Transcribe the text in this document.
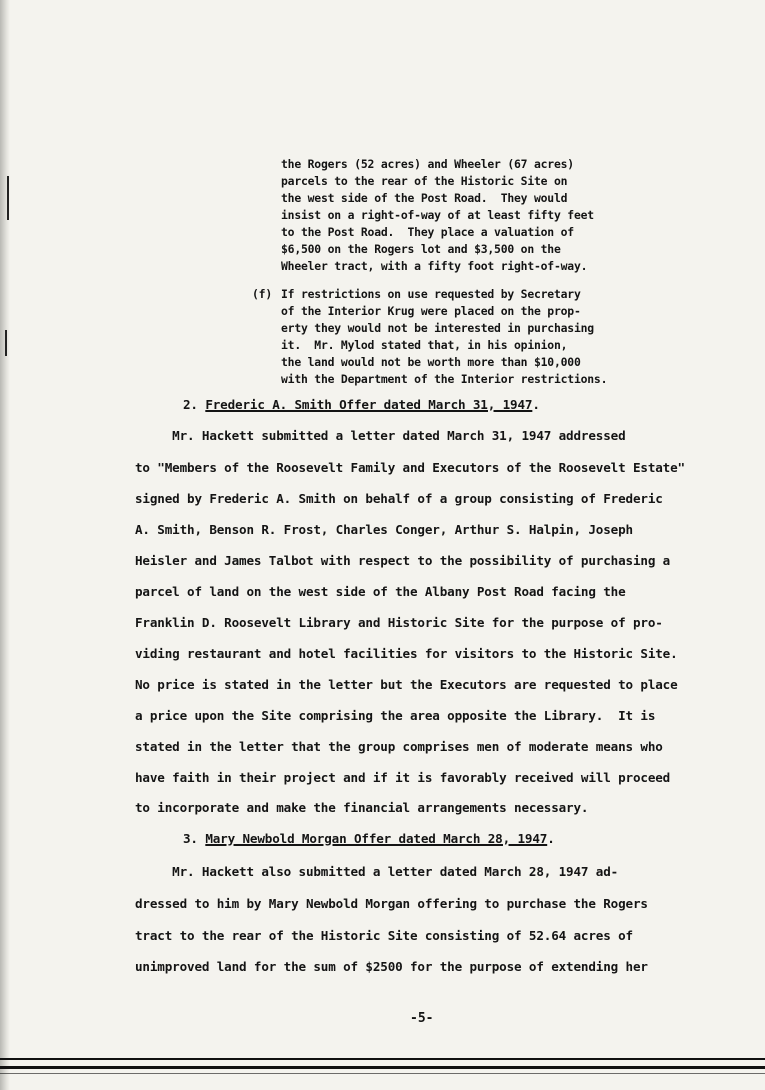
the Rogers (52 acres) and Wheeler (67 acres)
parcels to the rear of the Historic Site on
the west side of the Post Road.  They would
insist on a right-of-way of at least fifty feet
to the Post Road.  They place a valuation of
$6,500 on the Rogers lot and $3,500 on the
Wheeler tract, with a fifty foot right-of-way.
(f) If restrictions on use requested by Secretary
of the Interior Krug were placed on the prop-
erty they would not be interested in purchasing
it.  Mr. Mylod stated that, in his opinion,
the land would not be worth more than $10,000
with the Department of the Interior restrictions.
2. Frederic A. Smith Offer dated March 31, 1947.
Mr. Hackett submitted a letter dated March 31, 1947 addressed
to "Members of the Roosevelt Family and Executors of the Roosevelt Estate"
signed by Frederic A. Smith on behalf of a group consisting of Frederic
A. Smith, Benson R. Frost, Charles Conger, Arthur S. Halpin, Joseph
Heisler and James Talbot with respect to the possibility of purchasing a
parcel of land on the west side of the Albany Post Road facing the
Franklin D. Roosevelt Library and Historic Site for the purpose of pro-
viding restaurant and hotel facilities for visitors to the Historic Site.
No price is stated in the letter but the Executors are requested to place
a price upon the Site comprising the area opposite the Library.  It is
stated in the letter that the group comprises men of moderate means who
have faith in their project and if it is favorably received will proceed
to incorporate and make the financial arrangements necessary.
3. Mary Newbold Morgan Offer dated March 28, 1947.
Mr. Hackett also submitted a letter dated March 28, 1947 ad-
dressed to him by Mary Newbold Morgan offering to purchase the Rogers
tract to the rear of the Historic Site consisting of 52.64 acres of
unimproved land for the sum of $2500 for the purpose of extending her
-5-
